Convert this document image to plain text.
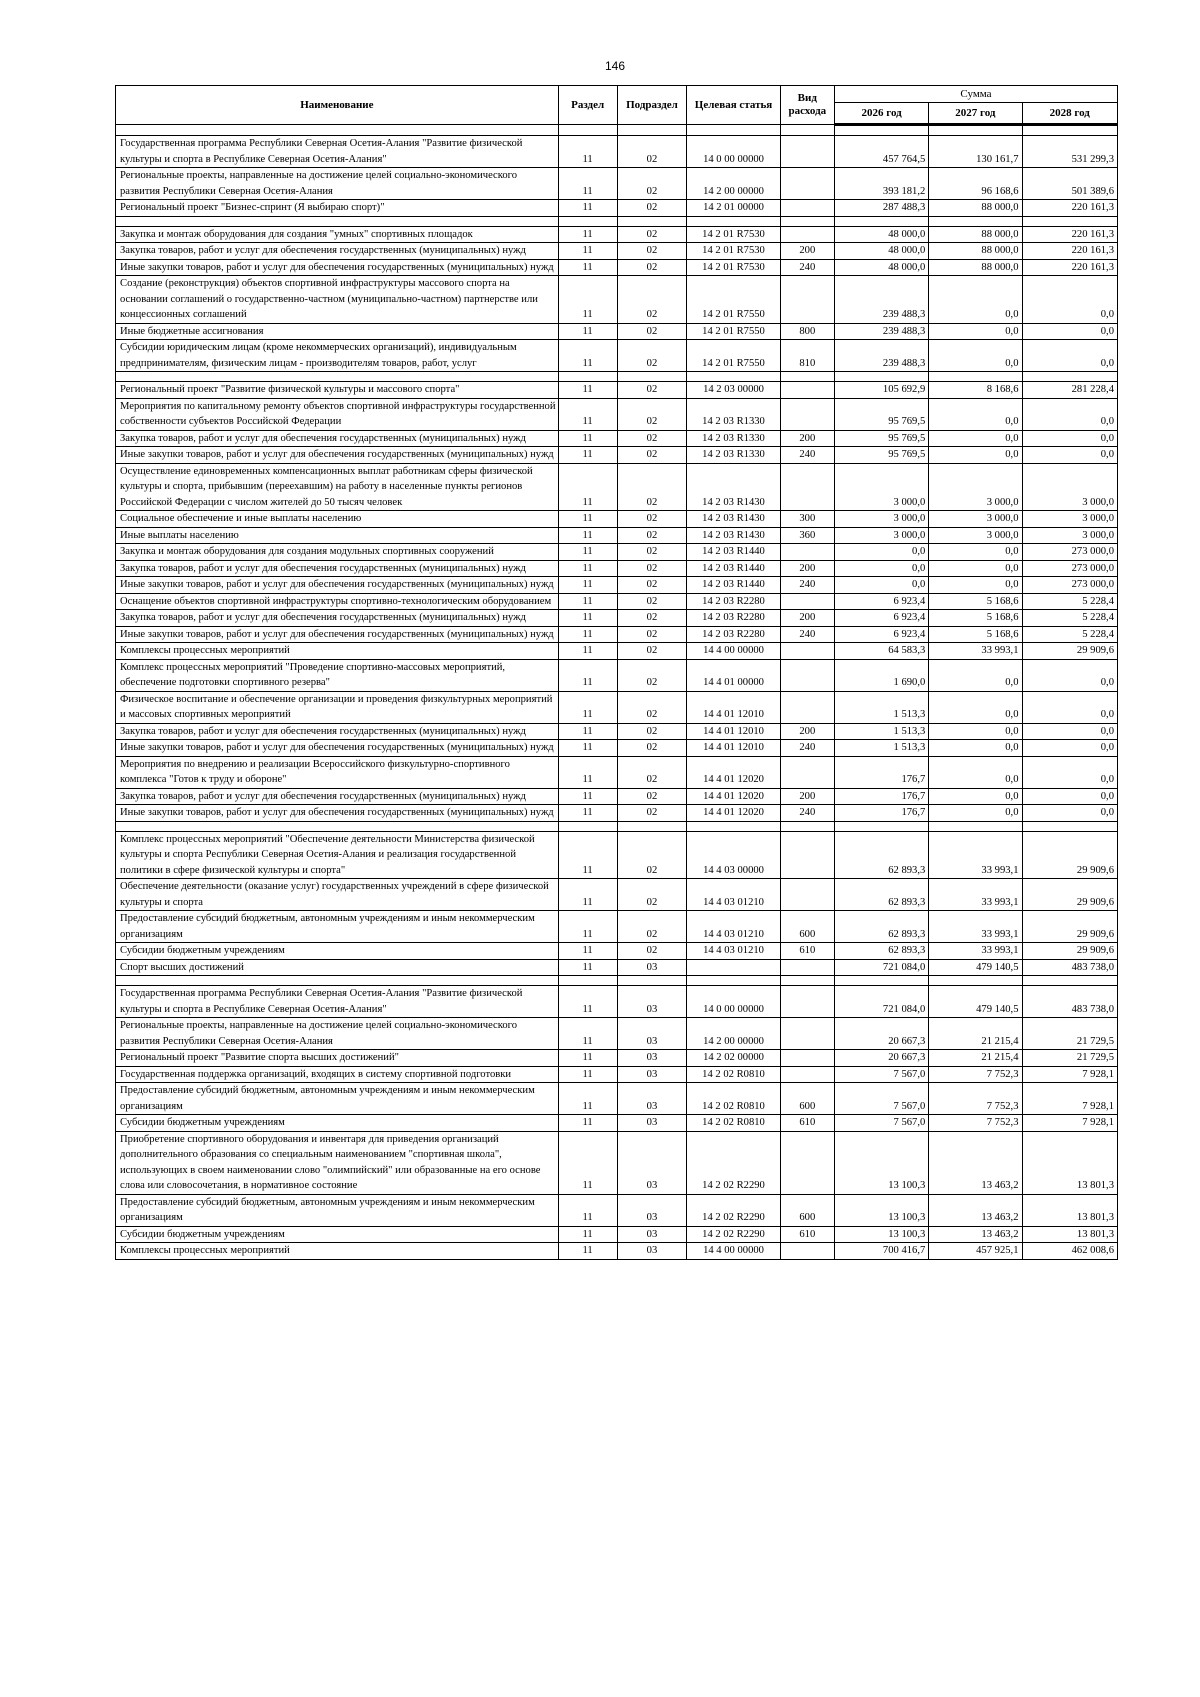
146
Наименование	Раздел	Подраздел	Целевая статья	Вид расхода	Сумма		
					2026 год	2027 год	2028 год

Государственная программа Республики Северная Осетия-Алания "Развитие физической культуры и спорта в Республике Северная Осетия-Алания"	11	02	14 0 00 00000		457 764,5	130 161,7	531 299,3
Региональные проекты, направленные на достижение целей социально-экономического развития Республики Северная Осетия-Алания	11	02	14 2 00 00000		393 181,2	96 168,6	501 389,6
Региональный проект "Бизнес-спринт (Я выбираю спорт)"	11	02	14 2 01 00000		287 488,3	88 000,0	220 161,3

Закупка и монтаж оборудования для создания "умных" спортивных площадок	11	02	14 2 01 R7530		48 000,0	88 000,0	220 161,3
Закупка товаров, работ и услуг для обеспечения государственных (муниципальных) нужд	11	02	14 2 01 R7530	200	48 000,0	88 000,0	220 161,3
Иные закупки товаров, работ и услуг для обеспечения государственных (муниципальных) нужд	11	02	14 2 01 R7530	240	48 000,0	88 000,0	220 161,3
Создание (реконструкция) объектов спортивной инфраструктуры массового спорта на основании соглашений о государственно-частном (муниципально-частном) партнерстве или концессионных соглашений	11	02	14 2 01 R7550		239 488,3	0,0	0,0
Иные бюджетные ассигнования	11	02	14 2 01 R7550	800	239 488,3	0,0	0,0
Субсидии юридическим лицам (кроме некоммерческих организаций), индивидуальным предпринимателям, физическим лицам - производителям товаров, работ, услуг	11	02	14 2 01 R7550	810	239 488,3	0,0	0,0

Региональный проект "Развитие физической культуры и массового спорта"	11	02	14 2 03 00000		105 692,9	8 168,6	281 228,4
Мероприятия по капитальному ремонту объектов спортивной инфраструктуры государственной собственности субъектов Российской Федерации	11	02	14 2 03 R1330		95 769,5	0,0	0,0
Закупка товаров, работ и услуг для обеспечения государственных (муниципальных) нужд	11	02	14 2 03 R1330	200	95 769,5	0,0	0,0
Иные закупки товаров, работ и услуг для обеспечения государственных (муниципальных) нужд	11	02	14 2 03 R1330	240	95 769,5	0,0	0,0
Осуществление единовременных компенсационных выплат работникам сферы физической культуры и спорта, прибывшим (переехавшим) на работу в населенные пункты регионов Российской Федерации с числом жителей до 50 тысяч человек	11	02	14 2 03 R1430		3 000,0	3 000,0	3 000,0
Социальное обеспечение и иные выплаты населению	11	02	14 2 03 R1430	300	3 000,0	3 000,0	3 000,0
Иные выплаты населению	11	02	14 2 03 R1430	360	3 000,0	3 000,0	3 000,0
Закупка и монтаж оборудования для создания модульных спортивных сооружений	11	02	14 2 03 R1440		0,0	0,0	273 000,0
Закупка товаров, работ и услуг для обеспечения государственных (муниципальных) нужд	11	02	14 2 03 R1440	200	0,0	0,0	273 000,0
Иные закупки товаров, работ и услуг для обеспечения государственных (муниципальных) нужд	11	02	14 2 03 R1440	240	0,0	0,0	273 000,0
Оснащение объектов спортивной инфраструктуры спортивно-технологическим оборудованием	11	02	14 2 03 R2280		6 923,4	5 168,6	5 228,4
Закупка товаров, работ и услуг для обеспечения государственных (муниципальных) нужд	11	02	14 2 03 R2280	200	6 923,4	5 168,6	5 228,4
Иные закупки товаров, работ и услуг для обеспечения государственных (муниципальных) нужд	11	02	14 2 03 R2280	240	6 923,4	5 168,6	5 228,4
Комплексы процессных мероприятий	11	02	14 4 00 00000		64 583,3	33 993,1	29 909,6
Комплекс процессных мероприятий "Проведение спортивно-массовых мероприятий, обеспечение подготовки спортивного резерва"	11	02	14 4 01 00000		1 690,0	0,0	0,0
Физическое воспитание и обеспечение организации и проведения физкультурных мероприятий и массовых спортивных мероприятий	11	02	14 4 01 12010		1 513,3	0,0	0,0
Закупка товаров, работ и услуг для обеспечения государственных (муниципальных) нужд	11	02	14 4 01 12010	200	1 513,3	0,0	0,0
Иные закупки товаров, работ и услуг для обеспечения государственных (муниципальных) нужд	11	02	14 4 01 12010	240	1 513,3	0,0	0,0
Мероприятия по внедрению и реализации Всероссийского физкультурно-спортивного комплекса "Готов к труду и обороне"	11	02	14 4 01 12020		176,7	0,0	0,0
Закупка товаров, работ и услуг для обеспечения государственных (муниципальных) нужд	11	02	14 4 01 12020	200	176,7	0,0	0,0
Иные закупки товаров, работ и услуг для обеспечения государственных (муниципальных) нужд	11	02	14 4 01 12020	240	176,7	0,0	0,0

Комплекс процессных мероприятий "Обеспечение деятельности Министерства физической культуры и спорта Республики Северная Осетия-Алания и реализация государственной политики в сфере физической культуры и спорта"	11	02	14 4 03 00000		62 893,3	33 993,1	29 909,6
Обеспечение деятельности (оказание услуг) государственных учреждений в сфере физической культуры и спорта	11	02	14 4 03 01210		62 893,3	33 993,1	29 909,6
Предоставление субсидий бюджетным, автономным учреждениям и иным некоммерческим организациям	11	02	14 4 03 01210	600	62 893,3	33 993,1	29 909,6
Субсидии бюджетным учреждениям	11	02	14 4 03 01210	610	62 893,3	33 993,1	29 909,6
Спорт высших достижений	11	03			721 084,0	479 140,5	483 738,0

Государственная программа Республики Северная Осетия-Алания "Развитие физической культуры и спорта в Республике Северная Осетия-Алания"	11	03	14 0 00 00000		721 084,0	479 140,5	483 738,0
Региональные проекты, направленные на достижение целей социально-экономического развития Республики Северная Осетия-Алания	11	03	14 2 00 00000		20 667,3	21 215,4	21 729,5
Региональный проект "Развитие спорта высших достижений"	11	03	14 2 02 00000		20 667,3	21 215,4	21 729,5
Государственная поддержка организаций, входящих в систему спортивной подготовки	11	03	14 2 02 R0810		7 567,0	7 752,3	7 928,1
Предоставление субсидий бюджетным, автономным учреждениям и иным некоммерческим организациям	11	03	14 2 02 R0810	600	7 567,0	7 752,3	7 928,1
Субсидии бюджетным учреждениям	11	03	14 2 02 R0810	610	7 567,0	7 752,3	7 928,1
Приобретение спортивного оборудования и инвентаря для приведения организаций дополнительного образования со специальным наименованием "спортивная школа", использующих в своем наименовании слово "олимпийский" или образованные на его основе слова или словосочетания, в нормативное состояние	11	03	14 2 02 R2290		13 100,3	13 463,2	13 801,3
Предоставление субсидий бюджетным, автономным учреждениям и иным некоммерческим организациям	11	03	14 2 02 R2290	600	13 100,3	13 463,2	13 801,3
Субсидии бюджетным учреждениям	11	03	14 2 02 R2290	610	13 100,3	13 463,2	13 801,3
Комплексы процессных мероприятий	11	03	14 4 00 00000		700 416,7	457 925,1	462 008,6
